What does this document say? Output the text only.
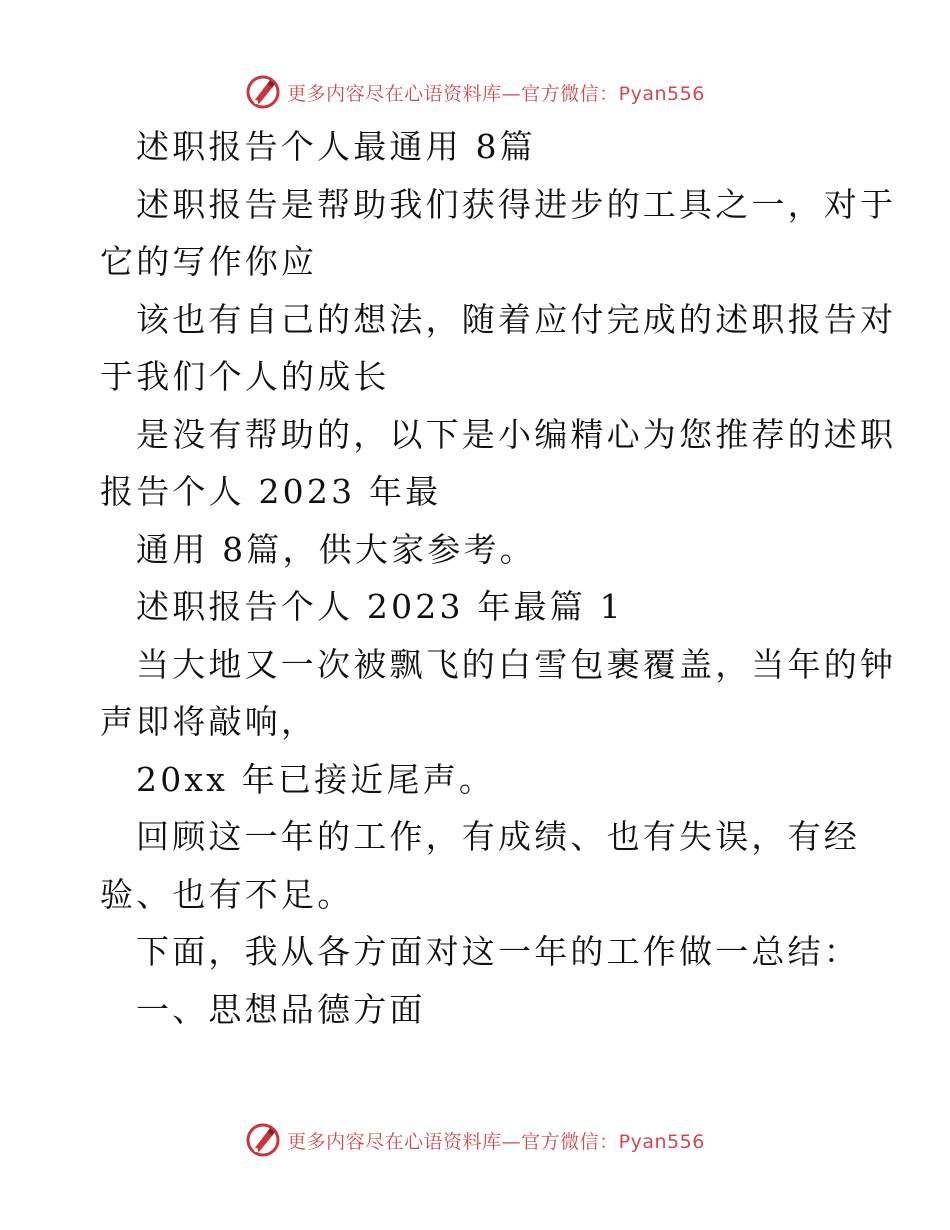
更多内容尽在心语资料库—官方微信：Pyan556
述职报告个人最通用 8篇
述职报告是帮助我们获得进步的工具之一，对于
它的写作你应
该也有自己的想法，随着应付完成的述职报告对
于我们个人的成长
是没有帮助的，以下是小编精心为您推荐的述职
报告个人 2023 年最
通用 8篇，供大家参考。
述职报告个人 2023 年最篇 1
当大地又一次被飘飞的白雪包裹覆盖，当年的钟
声即将敲响，
20xx 年已接近尾声。
回顾这一年的工作，有成绩、也有失误，有经
验、也有不足。
下面，我从各方面对这一年的工作做一总结：
一、思想品德方面
更多内容尽在心语资料库—官方微信：Pyan556
